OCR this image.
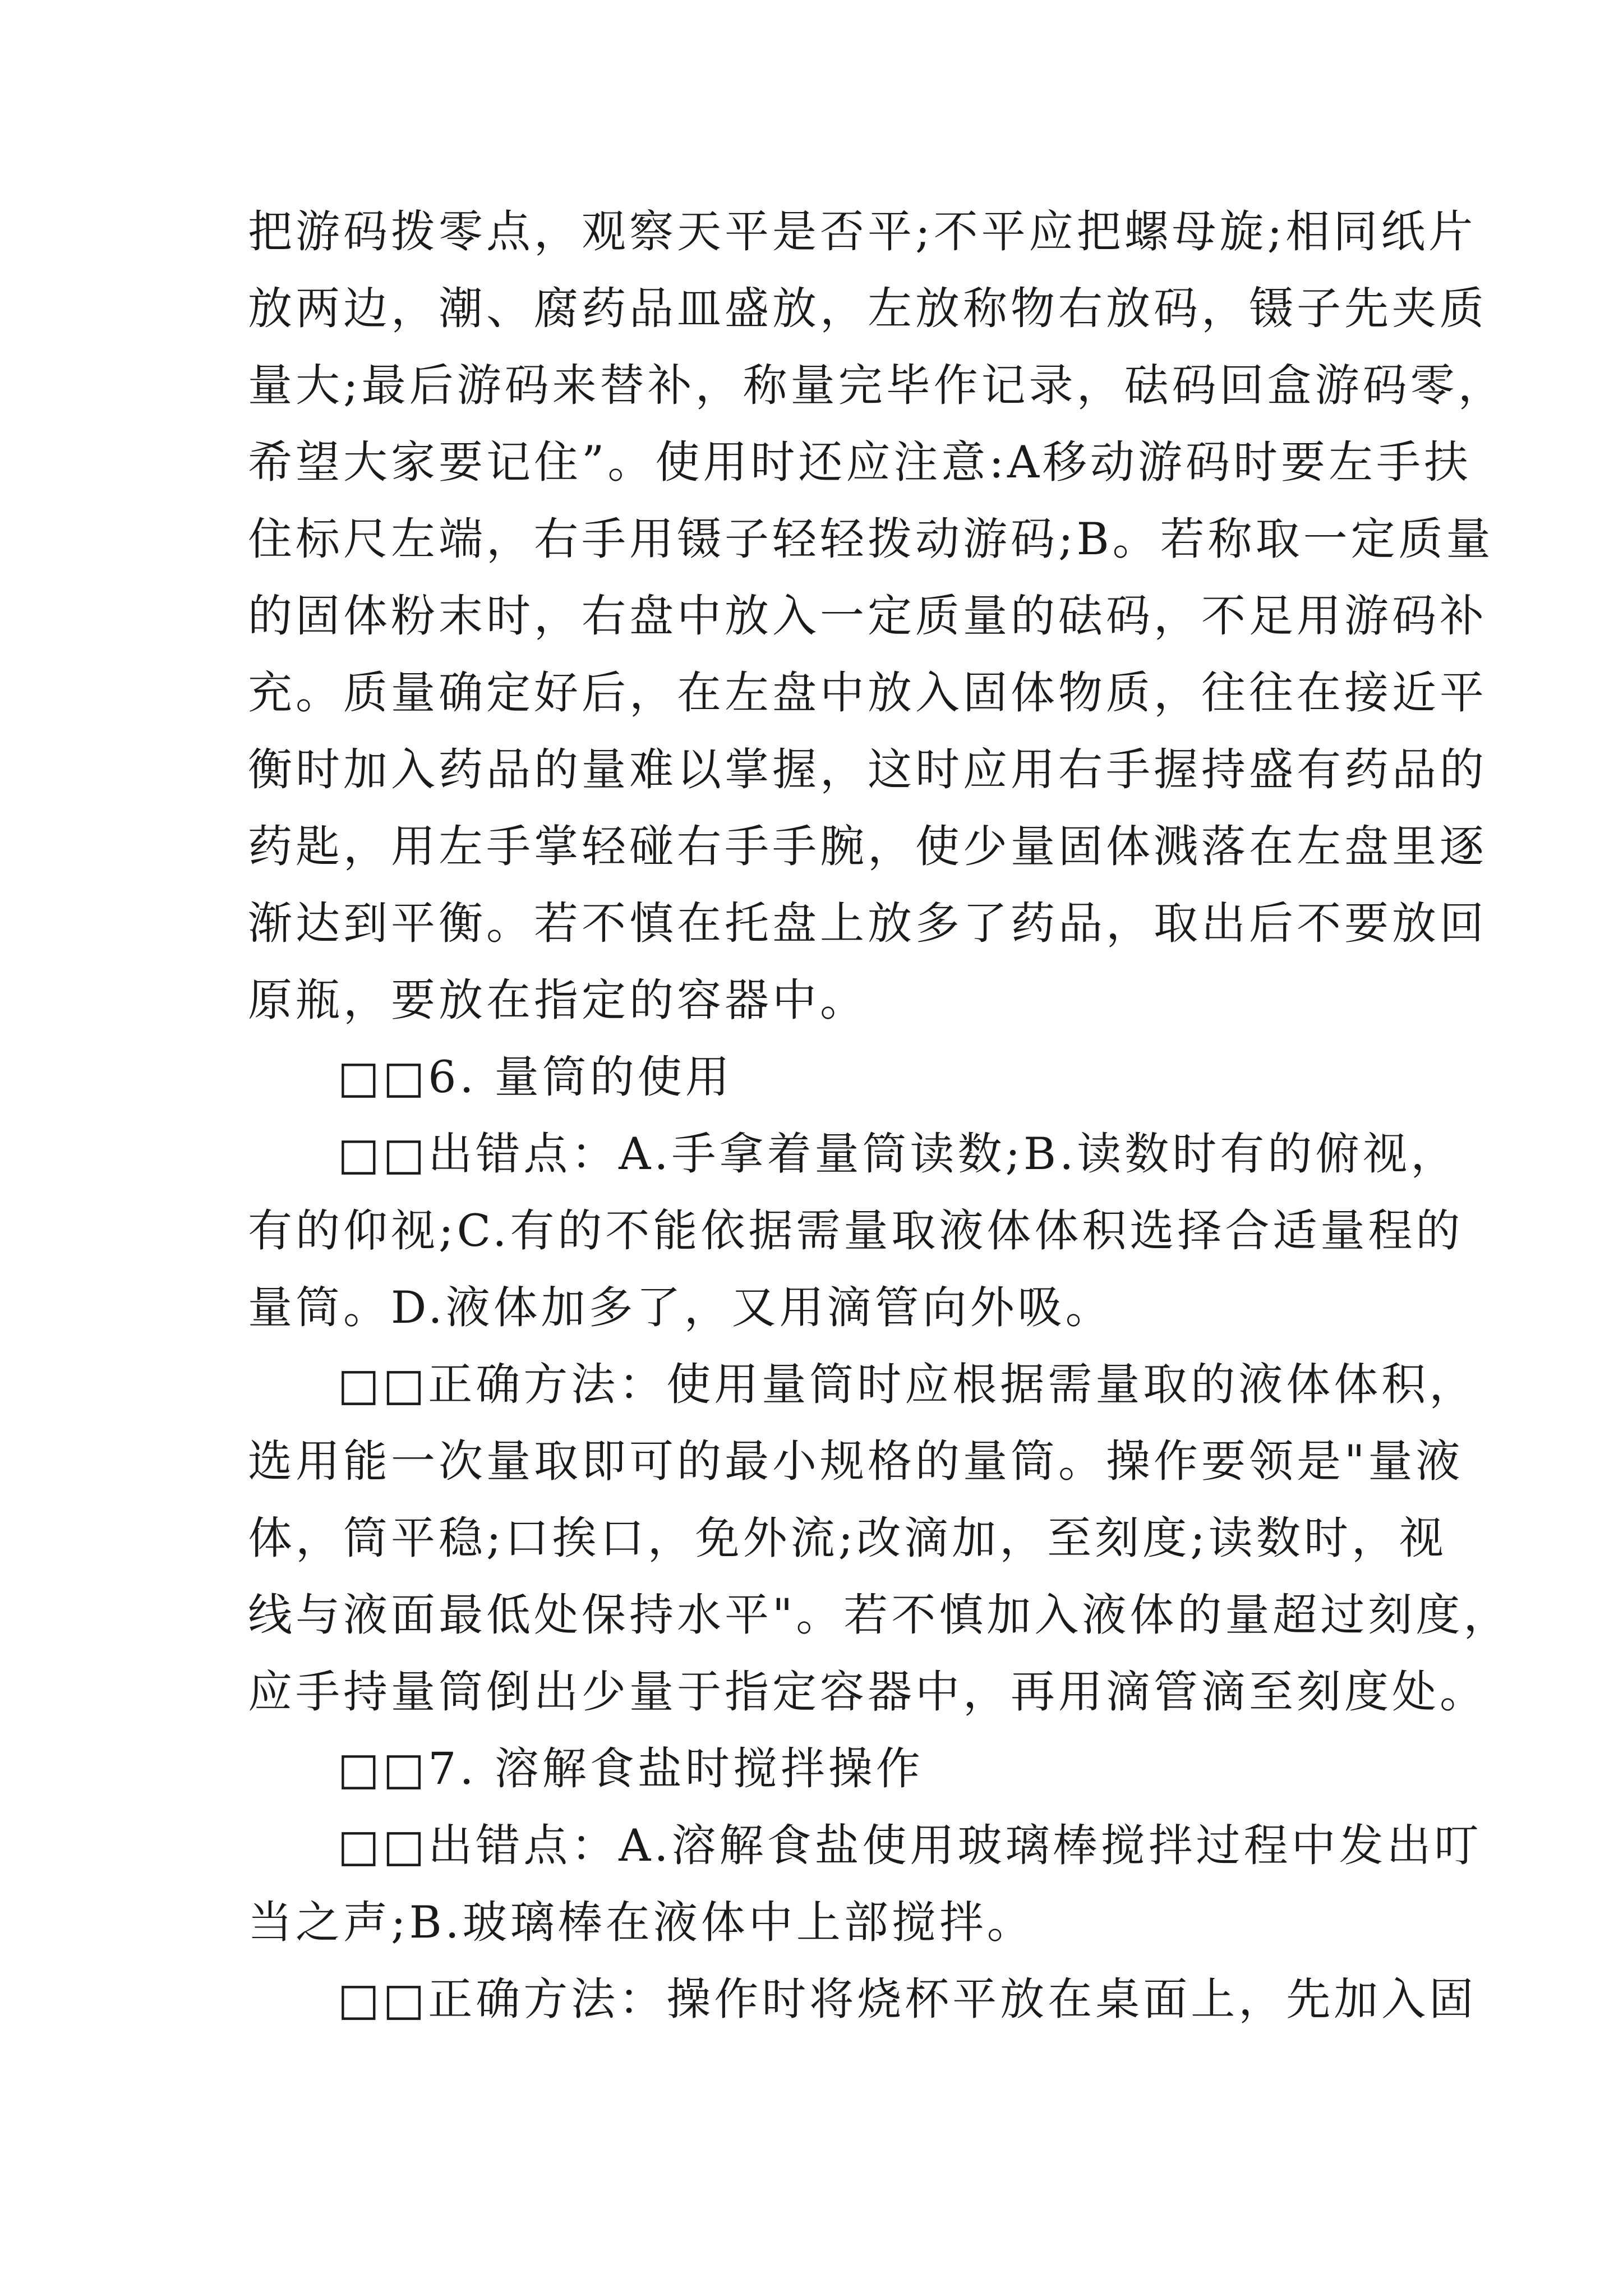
把游码拨零点，观察天平是否平;不平应把螺母旋;相同纸片
放两边，潮、腐药品皿盛放，左放称物右放码，镊子先夹质
量大;最后游码来替补，称量完毕作记录，砝码回盒游码零，
希望大家要记住”。使用时还应注意:A移动游码时要左手扶
住标尺左端，右手用镊子轻轻拨动游码;B。若称取一定质量
的固体粉末时，右盘中放入一定质量的砝码，不足用游码补
充。质量确定好后，在左盘中放入固体物质，往往在接近平
衡时加入药品的量难以掌握，这时应用右手握持盛有药品的
药匙，用左手掌轻碰右手手腕，使少量固体溅落在左盘里逐
渐达到平衡。若不慎在托盘上放多了药品，取出后不要放回
原瓶，要放在指定的容器中。
□□6. 量筒的使用
□□出错点：A.手拿着量筒读数;B.读数时有的俯视，
有的仰视;C.有的不能依据需量取液体体积选择合适量程的
量筒。D.液体加多了，又用滴管向外吸。
□□正确方法：使用量筒时应根据需量取的液体体积，
选用能一次量取即可的最小规格的量筒。操作要领是"量液
体，筒平稳;口挨口，免外流;改滴加，至刻度;读数时，视
线与液面最低处保持水平"。若不慎加入液体的量超过刻度，
应手持量筒倒出少量于指定容器中，再用滴管滴至刻度处。
□□7. 溶解食盐时搅拌操作
□□出错点：A.溶解食盐使用玻璃棒搅拌过程中发出叮
当之声;B.玻璃棒在液体中上部搅拌。
□□正确方法：操作时将烧杯平放在桌面上，先加入固
